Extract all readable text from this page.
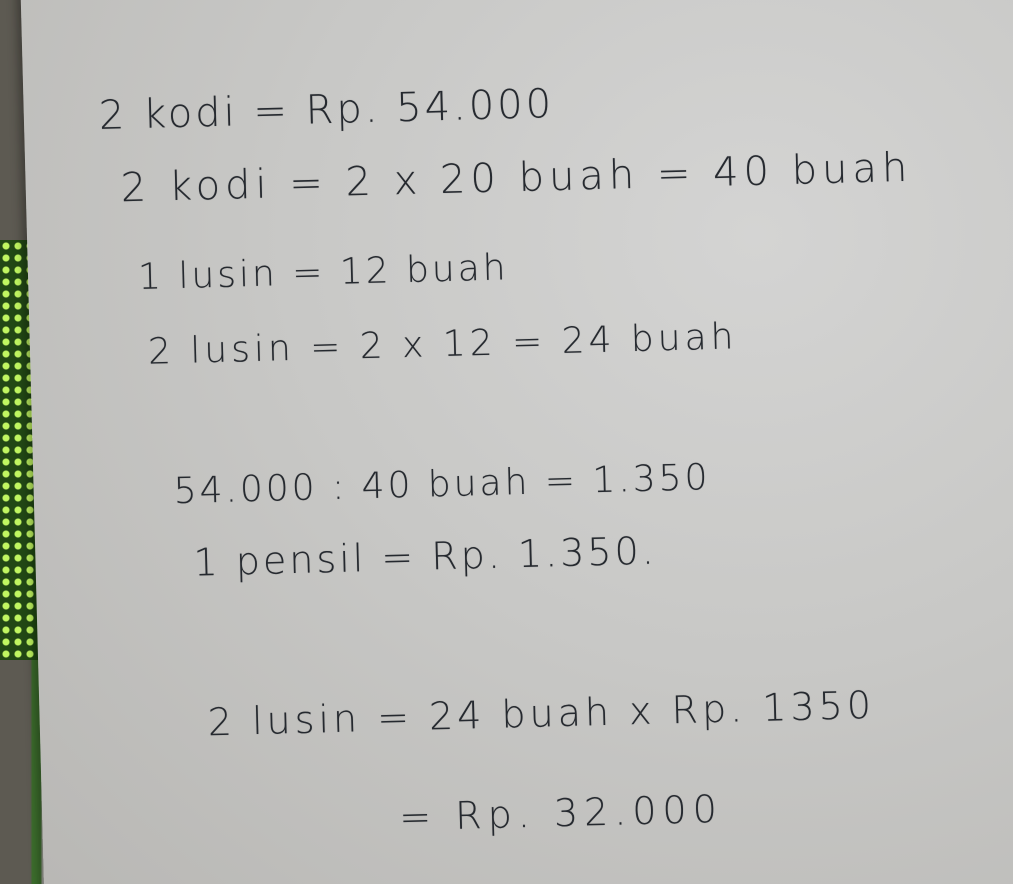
2 kodi = Rp. 54.000

2 kodi = 2 x 20 buah = 40 buah

1 lusin = 12 buah

2 lusin = 2 x 12 = 24 buah

54.000 : 40 buah = 1.350

1 pensil = Rp. 1.350.

2 lusin = 24 buah x Rp. 1350

= Rp. 32.000
